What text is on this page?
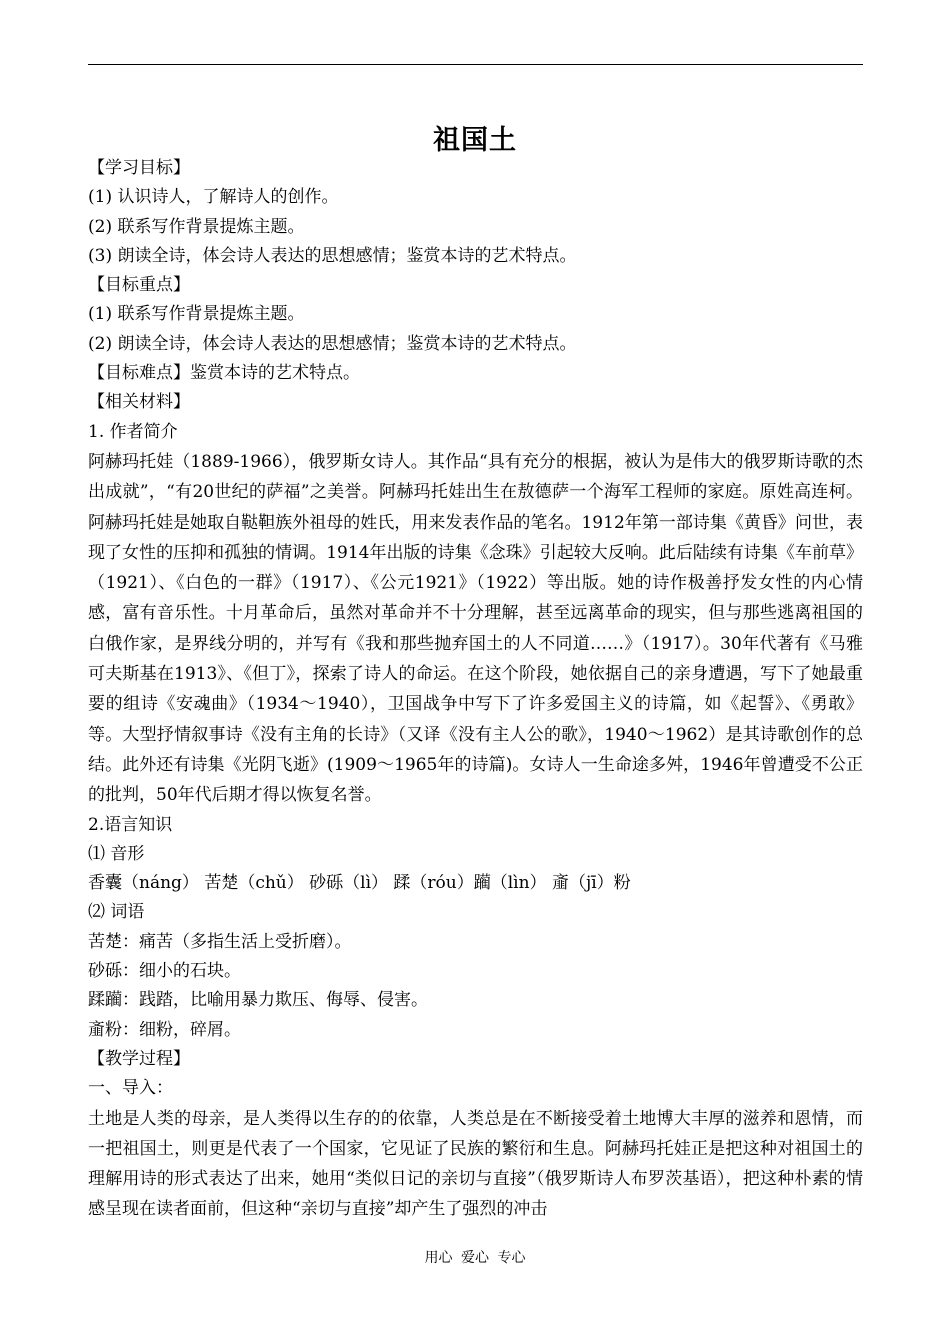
祖国土
【学习目标】
(1) 认识诗人，了解诗人的创作。
(2) 联系写作背景提炼主题。
(3) 朗读全诗，体会诗人表达的思想感情；鉴赏本诗的艺术特点。
【目标重点】
(1) 联系写作背景提炼主题。
(2) 朗读全诗，体会诗人表达的思想感情；鉴赏本诗的艺术特点。
【目标难点】鉴赏本诗的艺术特点。
【相关材料】
1. 作者简介
阿赫玛托娃（1889-1966），俄罗斯女诗人。其作品“具有充分的根据，被认为是伟大的俄罗斯诗歌的杰出成就”，“有20世纪的萨福”之美誉。阿赫玛托娃出生在敖德萨一个海军工程师的家庭。原姓高连柯。阿赫玛托娃是她取自鞑靼族外祖母的姓氏，用来发表作品的笔名。1912年第一部诗集《黄昏》问世，表现了女性的压抑和孤独的情调。1914年出版的诗集《念珠》引起较大反响。此后陆续有诗集《车前草》（1921）、《白色的一群》（1917）、《公元1921》（1922）等出版。她的诗作极善抒发女性的内心情感，富有音乐性。十月革命后，虽然对革命并不十分理解，甚至远离革命的现实，但与那些逃离祖国的白俄作家，是界线分明的，并写有《我和那些抛弃国土的人不同道……》（1917）。30年代著有《马雅可夫斯基在1913》、《但丁》，探索了诗人的命运。在这个阶段，她依据自己的亲身遭遇，写下了她最重要的组诗《安魂曲》（1934～1940），卫国战争中写下了许多爱国主义的诗篇，如《起誓》、《勇敢》等。大型抒情叙事诗《没有主角的长诗》（又译《没有主人公的歌》，1940～1962）是其诗歌创作的总结。此外还有诗集《光阴飞逝》(1909～1965年的诗篇)。女诗人一生命途多舛，1946年曾遭受不公正的批判，50年代后期才得以恢复名誉。
2.语言知识
⑴ 音形
香囊（náng） 苦楚（chǔ） 砂砾（lì） 蹂（róu）躏（lìn） 齑（jī）粉
⑵ 词语
苦楚：痛苦（多指生活上受折磨）。
砂砾：细小的石块。
蹂躏：践踏，比喻用暴力欺压、侮辱、侵害。
齑粉：细粉，碎屑。
【教学过程】
一、导入：
土地是人类的母亲，是人类得以生存的的依靠，人类总是在不断接受着土地博大丰厚的滋养和恩情，而一把祖国土，则更是代表了一个国家，它见证了民族的繁衍和生息。阿赫玛托娃正是把这种对祖国土的理解用诗的形式表达了出来，她用“类似日记的亲切与直接”（俄罗斯诗人布罗茨基语），把这种朴素的情感呈现在读者面前，但这种“亲切与直接”却产生了强烈的冲击
用心 爱心 专心
